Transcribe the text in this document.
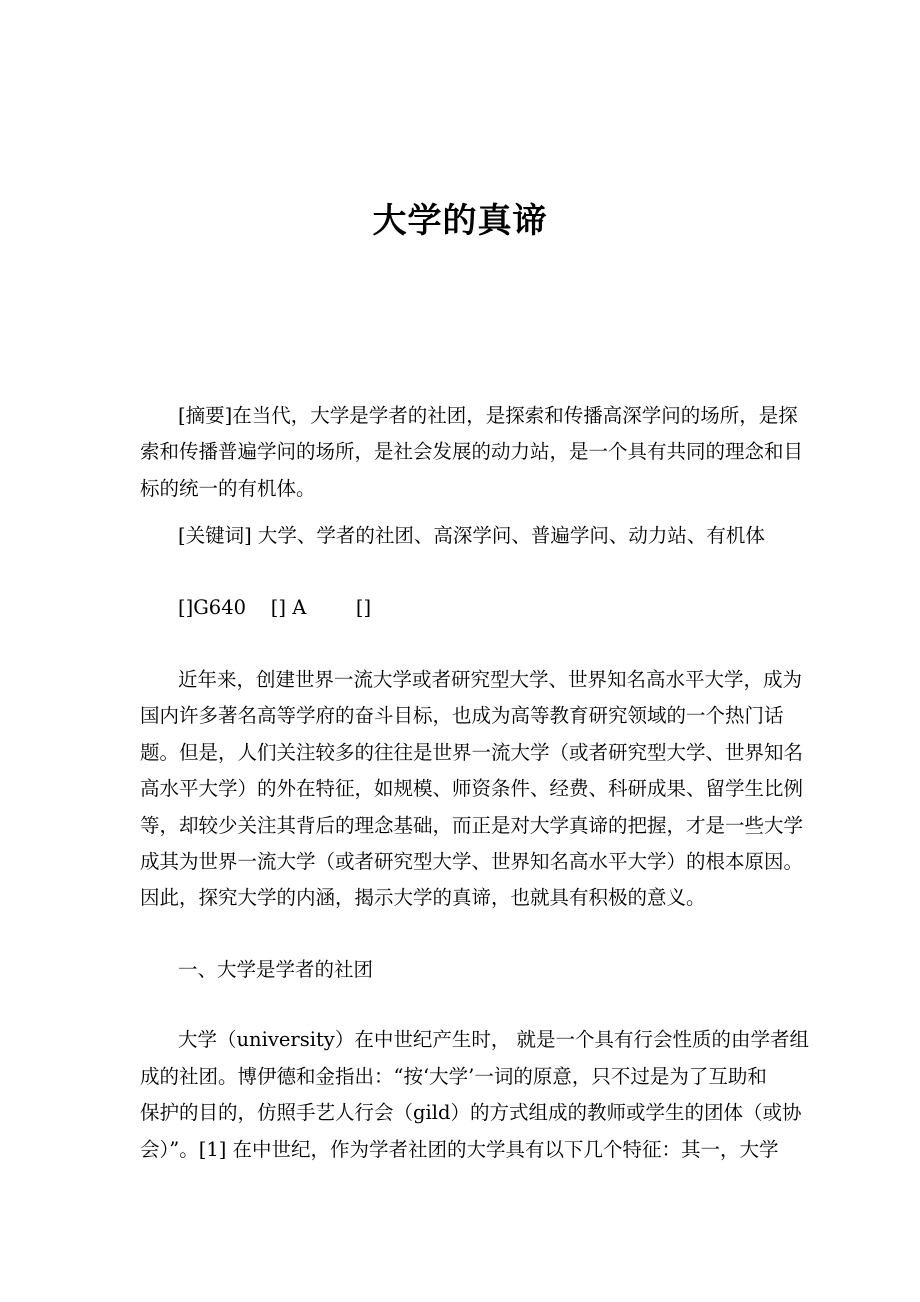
大学的真谛
[摘要]在当代，大学是学者的社团，是探索和传播高深学问的场所，是探
索和传播普遍学问的场所，是社会发展的动力站，是一个具有共同的理念和目
标的统一的有机体。
[关键词] 大学、学者的社团、高深学问、普遍学问、动力站、有机体
[]G640    [] A        []
近年来，创建世界一流大学或者研究型大学、世界知名高水平大学，成为
国内许多著名高等学府的奋斗目标，也成为高等教育研究领域的一个热门话
题。但是，人们关注较多的往往是世界一流大学（或者研究型大学、世界知名
高水平大学）的外在特征，如规模、师资条件、经费、科研成果、留学生比例
等，却较少关注其背后的理念基础，而正是对大学真谛的把握，才是一些大学
成其为世界一流大学（或者研究型大学、世界知名高水平大学）的根本原因。
因此，探究大学的内涵，揭示大学的真谛，也就具有积极的意义。
一、大学是学者的社团
大学（university）在中世纪产生时， 就是一个具有行会性质的由学者组
成的社团。博伊德和金指出：“按‘大学’一词的原意，只不过是为了互助和
保护的目的，仿照手艺人行会（gild）的方式组成的教师或学生的团体（或协
会）”。[1] 在中世纪，作为学者社团的大学具有以下几个特征：其一，大学
